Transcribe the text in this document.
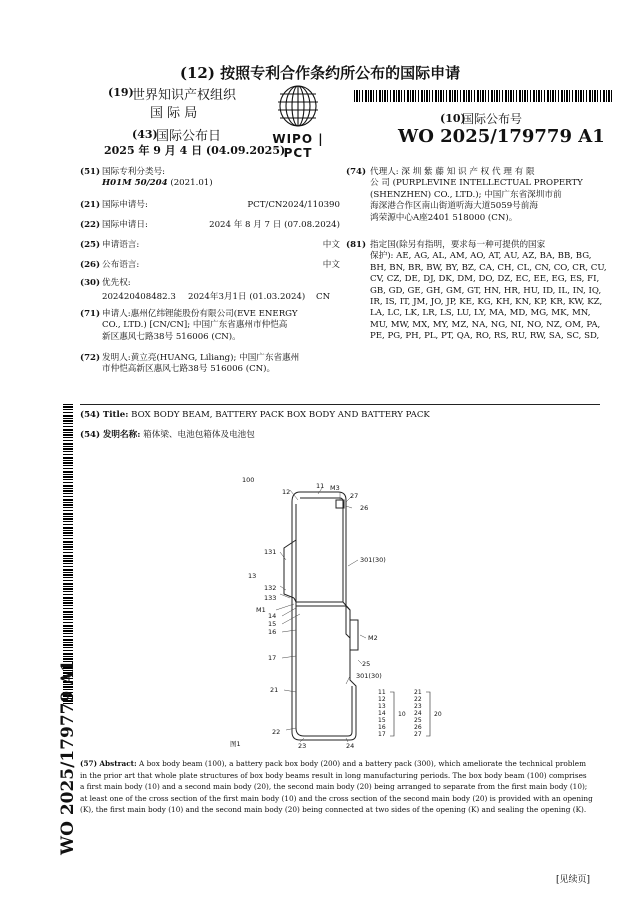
(12) 按照专利合作条约所公布的国际申请
(19)
世界知识产权组织
国 际 局
(43)
国际公布日
2025 年 9 月 4 日 (04.09.2025)
WIPO | PCT
(10)
国际公布号
WO 2025/179779 A1
(51) 国际专利分类号:
H01M 50/204 (2021.01)
(21) 国际申请号:	PCT/CN2024/110390
(22) 国际申请日:	2024 年 8 月 7 日 (07.08.2024)
(25) 申请语言:	中文
(26) 公布语言:	中文
(30) 优先权:
202420408482.3 2024年3月1日 (01.03.2024) CN
(71) 申请人:惠州亿纬锂能股份有限公司(EVE ENERGY
CO., LTD.) [CN/CN]; 中国广东省惠州市仲恺高
新区惠风七路38号 516006 (CN)。
(72) 发明人:黄立亮(HUANG, Liliang); 中国广东省惠州
市仲恺高新区惠风七路38号 516006 (CN)。
(74) 代理人: 深 圳 紫 藤 知 识 产 权 代 理 有 限
公 司 (PURPLEVINE INTELLECTUAL PROPERTY
(SHENZHEN) CO., LTD.); 中国广东省深圳市前
海深港合作区南山街道听海大道5059号前海
鸿荣源中心A座2401 518000 (CN)。
(81) 指定国(除另有指明，要求每一种可提供的国家
保护): AE, AG, AL, AM, AO, AT, AU, AZ, BA, BB, BG,
BH, BN, BR, BW, BY, BZ, CA, CH, CL, CN, CO, CR, CU,
CV, CZ, DE, DJ, DK, DM, DO, DZ, EC, EE, EG, ES, FI,
GB, GD, GE, GH, GM, GT, HN, HR, HU, ID, IL, IN, IQ,
IR, IS, IT, JM, JO, JP, KE, KG, KH, KN, KP, KR, KW, KZ,
LA, LC, LK, LR, LS, LU, LY, MA, MD, MG, MK, MN,
MU, MW, MX, MY, MZ, NA, NG, NI, NO, NZ, OM, PA,
PE, PG, PH, PL, PT, QA, RO, RS, RU, RW, SA, SC, SD,
(54) Title: BOX BODY BEAM, BATTERY PACK BOX BODY AND BATTERY PACK
(54) 发明名称: 箱体梁、电池包箱体及电池包
100
12
11 M3
27
26
131
13
132
133
M1
14
15
16
M2
17
301(30)
301(30)
25
21
22
23	24
图1
11
12
13
14
15
16
17
10
21
22
23
24
25
26
27
20
(57) Abstract: A box body beam (100), a battery pack box body (200) and a battery pack (300), which ameliorate the technical problem
in the prior art that whole plate structures of box body beams result in long manufacturing periods. The box body beam (100) comprises
a first main body (10) and a second main body (20), the second main body (20) being arranged to separate from the first main body (10);
at least one of the cross section of the first main body (10) and the cross section of the second main body (20) is provided with an opening
(K), the first main body (10) and the second main body (20) being connected at two sides of the opening (K) and sealing the opening (K).
WO 2025/179779 A1
[见续页]
